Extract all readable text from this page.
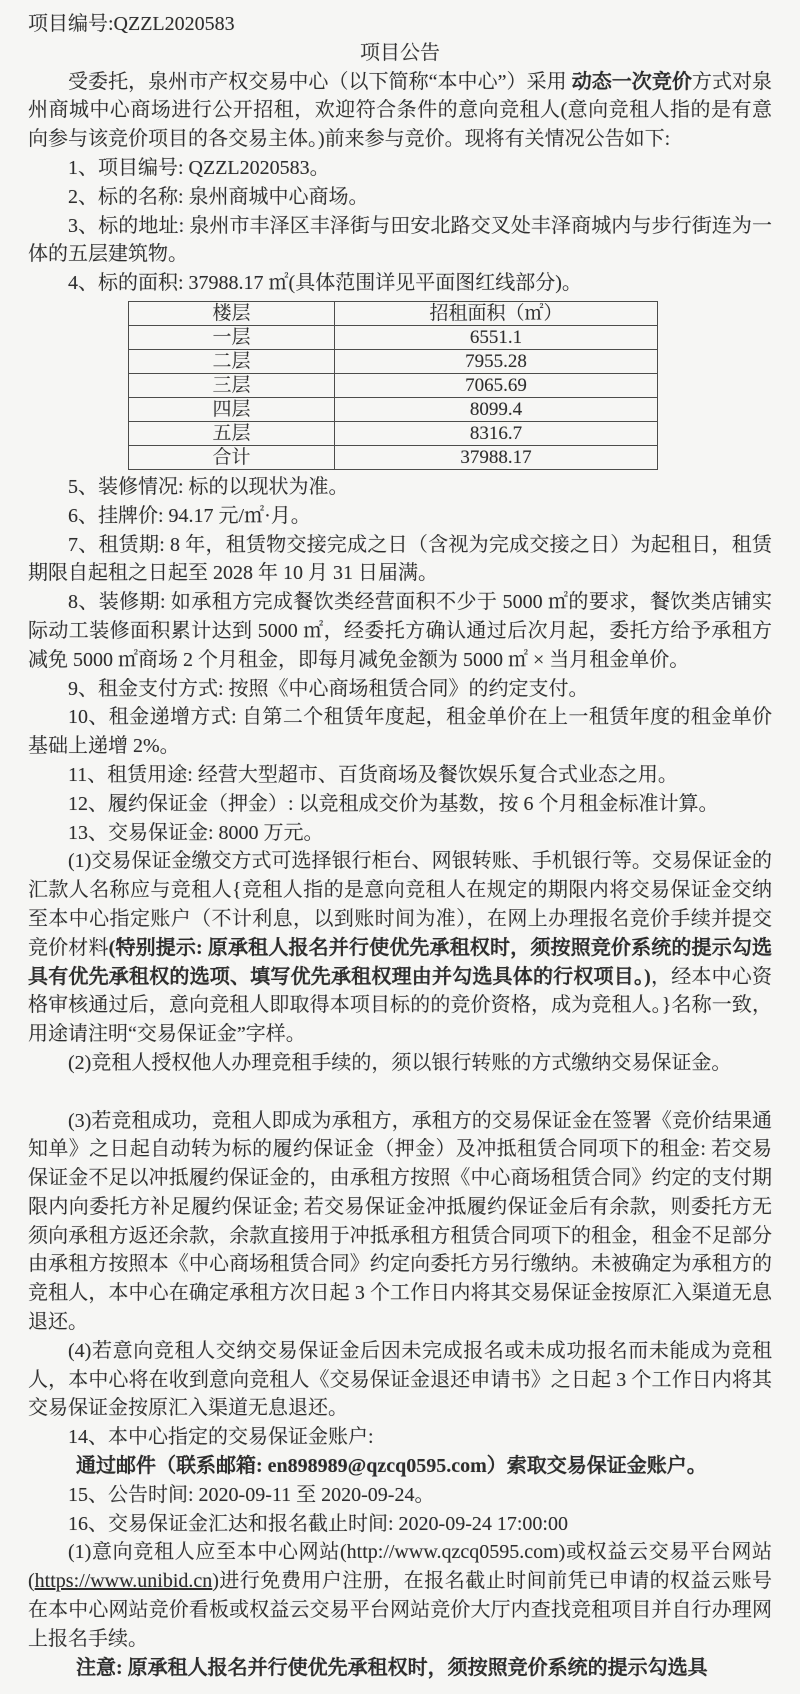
项目编号:QZZL2020583
项目公告

受委托，泉州市产权交易中心（以下简称“本中心”）采用 动态一次竞价方式对泉州商城中心商场进行公开招租，欢迎符合条件的意向竞租人(意向竞租人指的是有意向参与该竞价项目的各交易主体。)前来参与竞价。现将有关情况公告如下:

1、项目编号: QZZL2020583。

2、标的名称: 泉州商城中心商场。

3、标的地址: 泉州市丰泽区丰泽街与田安北路交叉处丰泽商城内与步行街连为一体的五层建筑物。

4、标的面积: 37988.17 ㎡(具体范围详见平面图红线部分)。

楼层	招租面积（㎡）
一层	6551.1
二层	7955.28
三层	7065.69
四层	8099.4
五层	8316.7
合计	37988.17

5、装修情况: 标的以现状为准。

6、挂牌价: 94.17 元/㎡·月。

7、租赁期: 8 年，租赁物交接完成之日（含视为完成交接之日）为起租日，租赁期限自起租之日起至 2028 年 10 月 31 日届满。

8、装修期: 如承租方完成餐饮类经营面积不少于 5000 ㎡的要求，餐饮类店铺实际动工装修面积累计达到 5000 ㎡，经委托方确认通过后次月起，委托方给予承租方减免 5000 ㎡商场 2 个月租金，即每月减免金额为 5000 ㎡ × 当月租金单价。

9、租金支付方式: 按照《中心商场租赁合同》的约定支付。

10、租金递增方式: 自第二个租赁年度起，租金单价在上一租赁年度的租金单价基础上递增 2%。

11、租赁用途: 经营大型超市、百货商场及餐饮娱乐复合式业态之用。

12、履约保证金（押金）: 以竞租成交价为基数，按 6 个月租金标准计算。

13、交易保证金: 8000 万元。

(1)交易保证金缴交方式可选择银行柜台、网银转账、手机银行等。交易保证金的汇款人名称应与竞租人{竞租人指的是意向竞租人在规定的期限内将交易保证金交纳至本中心指定账户（不计利息，以到账时间为准），在网上办理报名竞价手续并提交竞价材料(特别提示: 原承租人报名并行使优先承租权时，须按照竞价系统的提示勾选具有优先承租权的选项、填写优先承租权理由并勾选具体的行权项目。)，经本中心资格审核通过后，意向竞租人即取得本项目标的的竞价资格，成为竞租人。}名称一致，用途请注明“交易保证金”字样。

(2)竞租人授权他人办理竞租手续的，须以银行转账的方式缴纳交易保证金。

(3)若竞租成功，竞租人即成为承租方，承租方的交易保证金在签署《竞价结果通知单》之日起自动转为标的履约保证金（押金）及冲抵租赁合同项下的租金: 若交易保证金不足以冲抵履约保证金的，由承租方按照《中心商场租赁合同》约定的支付期限内向委托方补足履约保证金; 若交易保证金冲抵履约保证金后有余款，则委托方无须向承租方返还余款，余款直接用于冲抵承租方租赁合同项下的租金，租金不足部分由承租方按照本《中心商场租赁合同》约定向委托方另行缴纳。未被确定为承租方的竞租人，本中心在确定承租方次日起 3 个工作日内将其交易保证金按原汇入渠道无息退还。

(4)若意向竞租人交纳交易保证金后因未完成报名或未成功报名而未能成为竞租人，本中心将在收到意向竞租人《交易保证金退还申请书》之日起 3 个工作日内将其交易保证金按原汇入渠道无息退还。

14、本中心指定的交易保证金账户:

通过邮件（联系邮箱: en898989@qzcq0595.com）索取交易保证金账户。

15、公告时间: 2020-09-11 至 2020-09-24。

16、交易保证金汇达和报名截止时间: 2020-09-24 17:00:00

(1)意向竞租人应至本中心网站(http://www.qzcq0595.com)或权益云交易平台网站(https://www.unibid.cn)进行免费用户注册，在报名截止时间前凭已申请的权益云账号在本中心网站竞价看板或权益云交易平台网站竞价大厅内查找竞租项目并自行办理网上报名手续。

注意: 原承租人报名并行使优先承租权时，须按照竞价系统的提示勾选具
